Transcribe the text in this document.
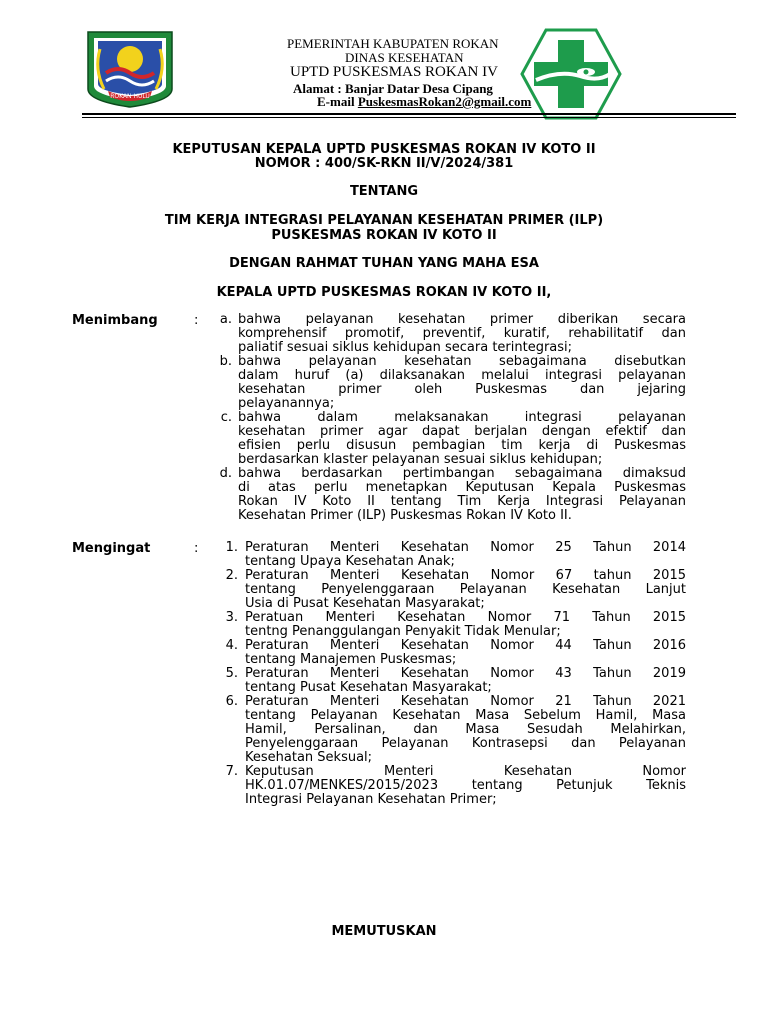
ROKAN HULU
PEMERINTAH KABUPATEN ROKAN
DINAS KESEHATAN
UPTD PUSKESMAS ROKAN IV
Alamat : Banjar Datar Desa Cipang
E-mail PuskesmasRokan2@gmail.com
KEPUTUSAN KEPALA UPTD PUSKESMAS ROKAN IV KOTO II
NOMOR : 400/SK-RKN II/V/2024/381
TENTANG
TIM KERJA INTEGRASI PELAYANAN KESEHATAN PRIMER (ILP)
PUSKESMAS ROKAN IV KOTO II
DENGAN RAHMAT TUHAN YANG MAHA ESA
KEPALA UPTD PUSKESMAS ROKAN IV KOTO II,
Menimbang	:	a. bahwa pelayanan kesehatan primer diberikan secara
komprehensif promotif, preventif, kuratif, rehabilitatif dan
paliatif sesuai siklus kehidupan secara terintegrasi;
b. bahwa pelayanan kesehatan sebagaimana disebutkan
dalam huruf (a) dilaksanakan melalui integrasi pelayanan
kesehatan primer oleh Puskesmas dan jejaring
pelayanannya;
c. bahwa dalam melaksanakan integrasi pelayanan
kesehatan primer agar dapat berjalan dengan efektif dan
efisien perlu disusun pembagian tim kerja di Puskesmas
berdasarkan klaster pelayanan sesuai siklus kehidupan;
d. bahwa berdasarkan pertimbangan sebagaimana dimaksud
di atas perlu menetapkan Keputusan Kepala Puskesmas
Rokan IV Koto II tentang Tim Kerja Integrasi Pelayanan
Kesehatan Primer (ILP) Puskesmas Rokan IV Koto II.
Mengingat	:	1. Peraturan Menteri Kesehatan Nomor 25 Tahun 2014
tentang Upaya Kesehatan Anak;
2. Peraturan Menteri Kesehatan Nomor 67 tahun 2015
tentang Penyelenggaraan Pelayanan Kesehatan Lanjut
Usia di Pusat Kesehatan Masyarakat;
3. Peratuan Menteri Kesehatan Nomor 71 Tahun 2015
tentng Penanggulangan Penyakit Tidak Menular;
4. Peraturan Menteri Kesehatan Nomor 44 Tahun 2016
tentang Manajemen Puskesmas;
5. Peraturan Menteri Kesehatan Nomor 43 Tahun 2019
tentang Pusat Kesehatan Masyarakat;
6. Peraturan Menteri Kesehatan Nomor 21 Tahun 2021
tentang Pelayanan Kesehatan Masa Sebelum Hamil, Masa
Hamil, Persalinan, dan Masa Sesudah Melahirkan,
Penyelenggaraan Pelayanan Kontrasepsi dan Pelayanan
Kesehatan Seksual;
7. Keputusan Menteri Kesehatan Nomor
HK.01.07/MENKES/2015/2023 tentang Petunjuk Teknis
Integrasi Pelayanan Kesehatan Primer;
MEMUTUSKAN
